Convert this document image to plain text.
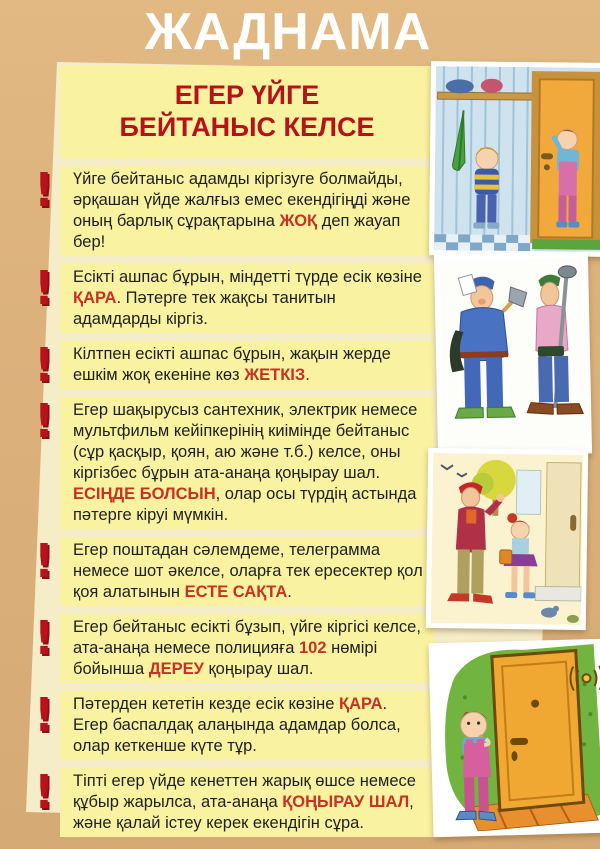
ЖАДНАМА
ЕГЕР ҮЙГЕ
БЕЙТАНЫС КЕЛСЕ
! Үйге бейтаныс адамды кіргізуге болмайды, әрқашан үйде жалғыз емес екендігіңді және оның барлық сұрақтарына ЖОҚ деп жауап бер!

! Есікті ашпас бұрын, міндетті түрде есік көзіне ҚАРА. Пәтерге тек жақсы танитын адамдарды кіргіз.

! Кілтпен есікті ашпас бұрын, жақын жерде ешкім жоқ екеніне көз ЖЕТКІЗ.

! Егер шақырусыз сантехник, электрик немесе мультфильм кейіпкерінің киімінде бейтаныс (сұр қасқыр, қоян, аю және т.б.) келсе, оны кіргізбес бұрын ата-анаңа қоңырау шал. ЕСІҢДЕ БОЛСЫН, олар осы түрдің астында пәтерге кіруі мүмкін.

! Егер поштадан сәлемдеме, телеграмма немесе шот әкелсе, оларға тек ересектер қол қоя алатынын ЕСТЕ САҚТА.

! Егер бейтаныс есікті бұзып, үйге кіргісі келсе, ата-анаңа немесе полицияға 102 нөмірі бойынша ДЕРЕУ қоңырау шал.

! Пәтерден кететін кезде есік көзіне ҚАРА. Егер баспалдақ алаңында адамдар болса, олар кеткенше күте тұр.

! Тіпті егер үйде кенеттен жарық өшсе немесе құбыр жарылса, ата-анаңа ҚОҢЫРАУ ШАЛ, және қалай істеу керек екендігін сұра.
